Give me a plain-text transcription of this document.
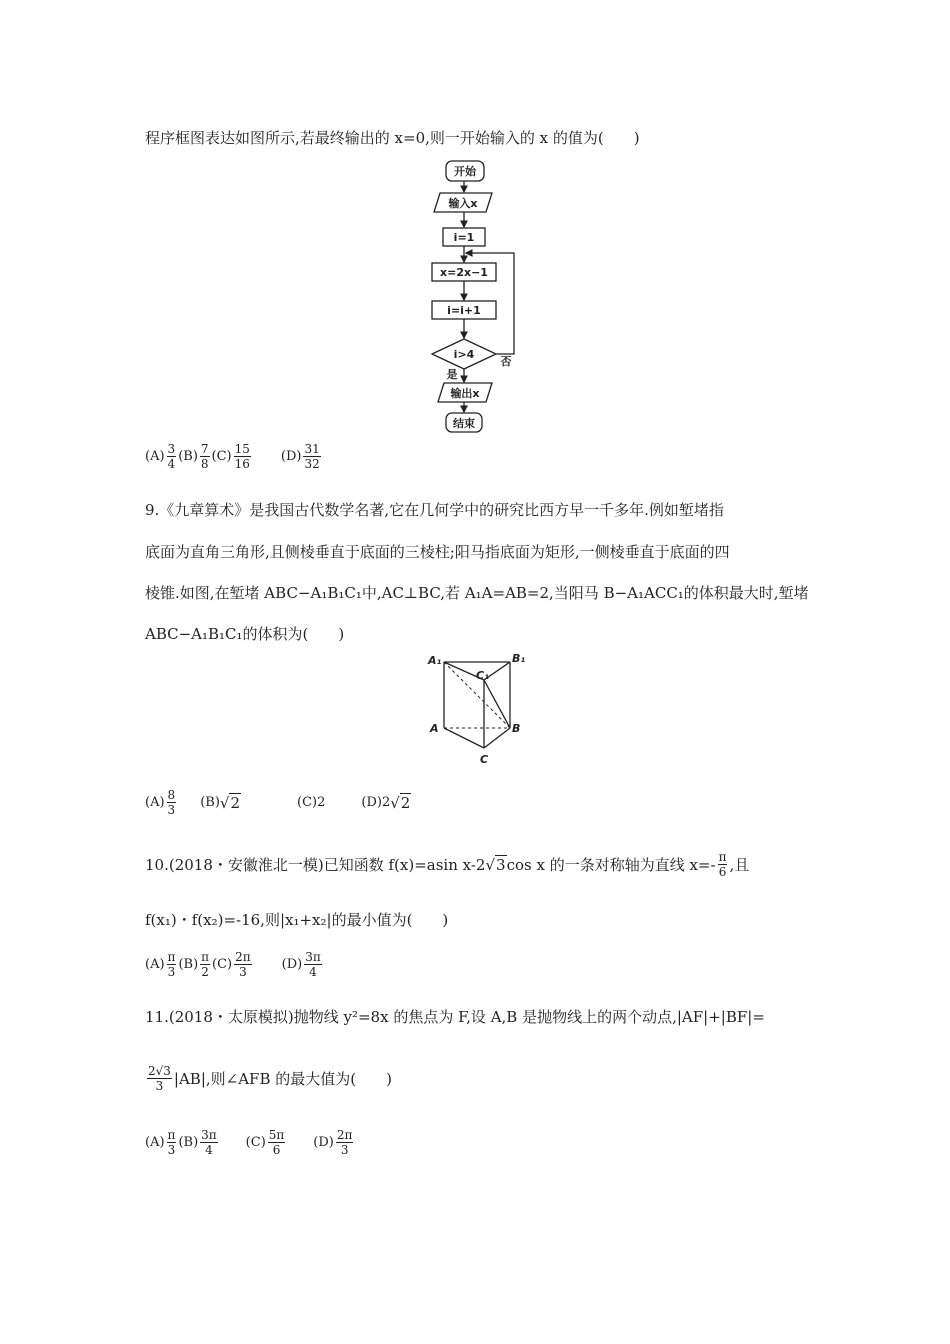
程序框图表达如图所示,若最终输出的 x=0,则一开始输入的 x 的值为(　　)
开始
输入x
i=1
x=2x−1
i=i+1
i>4
是
否
输出x
结束
$(A) \frac{3}{4} (B) \frac{7}{8} (C) \frac{15}{16} (D) \frac{31}{32}$
9.《九章算术》是我国古代数学名著,它在几何学中的研究比西方早一千多年.例如堑堵指
底面为直角三角形,且侧棱垂直于底面的三棱柱;阳马指底面为矩形,一侧棱垂直于底面的四
棱锥.如图,在堑堵 ABC−A₁B₁C₁中,AC⊥BC,若 A₁A=AB=2,当阳马 B−A₁ACC₁的体积最大时,堑堵
ABC−A₁B₁C₁的体积为(　　)
A₁	B₁
C₁
A	B
C
$(A) \frac{8}{3} (B)$ √2	(C)2	(D)2 √2
10.(2018・安徽淮北一模)已知函数 f(x)=asin x-2 √3 cos x 的一条对称轴为直线 $x=- \frac{\pi}{6}$ ,且
f(x₁)・f(x₂)=-16,则|x₁+x₂|的最小值为(　　)
$(A) \frac{\pi}{3} (B) \frac{\pi}{2} (C) \frac{2\pi}{3} (D) \frac{3\pi}{4}$
11.(2018・太原模拟)抛物线 y²=8x 的焦点为 F,设 A,B 是抛物线上的两个动点,|AF|+|BF|=
$\frac{2√3}{3} |AB|$,则∠AFB 的最大值为(　　)
$(A) \frac{\pi}{3} (B) \frac{3\pi}{4} (C) \frac{5\pi}{6} (D) \frac{2\pi}{3}$
